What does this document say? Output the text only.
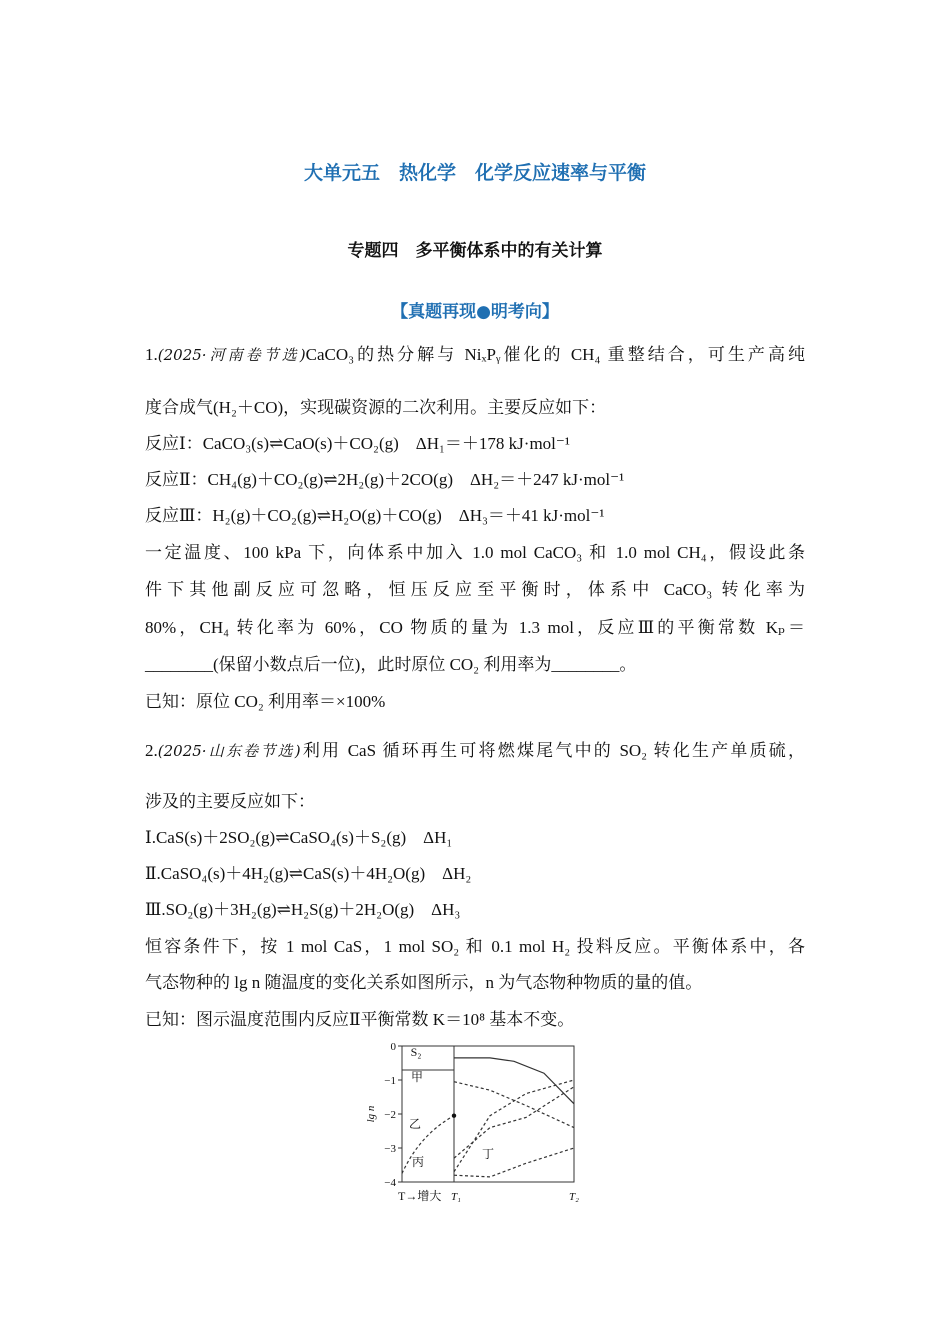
大单元五　热化学　化学反应速率与平衡
专题四　多平衡体系中的有关计算
【真题再现●明考向】
1.(2025·河南卷节选)CaCO₃的热分解与 NiₓPᵧ催化的 CH₄ 重整结合，可生产高纯
度合成气(H₂＋CO)，实现碳资源的二次利用。主要反应如下：
反应Ⅰ：CaCO₃(s)⇌CaO(s)＋CO₂(g)　ΔH₁＝＋178 kJ·mol⁻¹
反应Ⅱ：CH₄(g)＋CO₂(g)⇌2H₂(g)＋2CO(g)　ΔH₂＝＋247 kJ·mol⁻¹
反应Ⅲ：H₂(g)＋CO₂(g)⇌H₂O(g)＋CO(g)　ΔH₃＝＋41 kJ·mol⁻¹
一定温度、100 kPa 下，向体系中加入 1.0 mol CaCO₃ 和 1.0 mol CH₄，假设此条
件下其他副反应可忽略，恒压反应至平衡时，体系中 CaCO₃ 转化率为
80%，CH₄ 转化率为 60%，CO 物质的量为 1.3 mol，反应Ⅲ的平衡常数 Kₚ＝
________(保留小数点后一位)，此时原位 CO₂ 利用率为________。
已知：原位 CO₂ 利用率＝×100%
2.(2025·山东卷节选)利用 CaS 循环再生可将燃煤尾气中的 SO₂ 转化生产单质硫，
涉及的主要反应如下：
Ⅰ.CaS(s)＋2SO₂(g)⇌CaSO₄(s)＋S₂(g)　ΔH₁
Ⅱ.CaSO₄(s)＋4H₂(g)⇌CaS(s)＋4H₂O(g)　ΔH₂
Ⅲ.SO₂(g)＋3H₂(g)⇌H₂S(g)＋2H₂O(g)　ΔH₃
恒容条件下，按 1 mol CaS，1 mol SO₂ 和 0.1 mol H₂ 投料反应。平衡体系中，各
气态物种的 lg n 随温度的变化关系如图所示，n 为气态物种物质的量的值。
已知：图示温度范围内反应Ⅱ平衡常数 K＝10⁸ 基本不变。
0
−1
−2
−3
−4
lg n
T→增大 T₁	T₂
S₂
甲
乙
丙
丁
